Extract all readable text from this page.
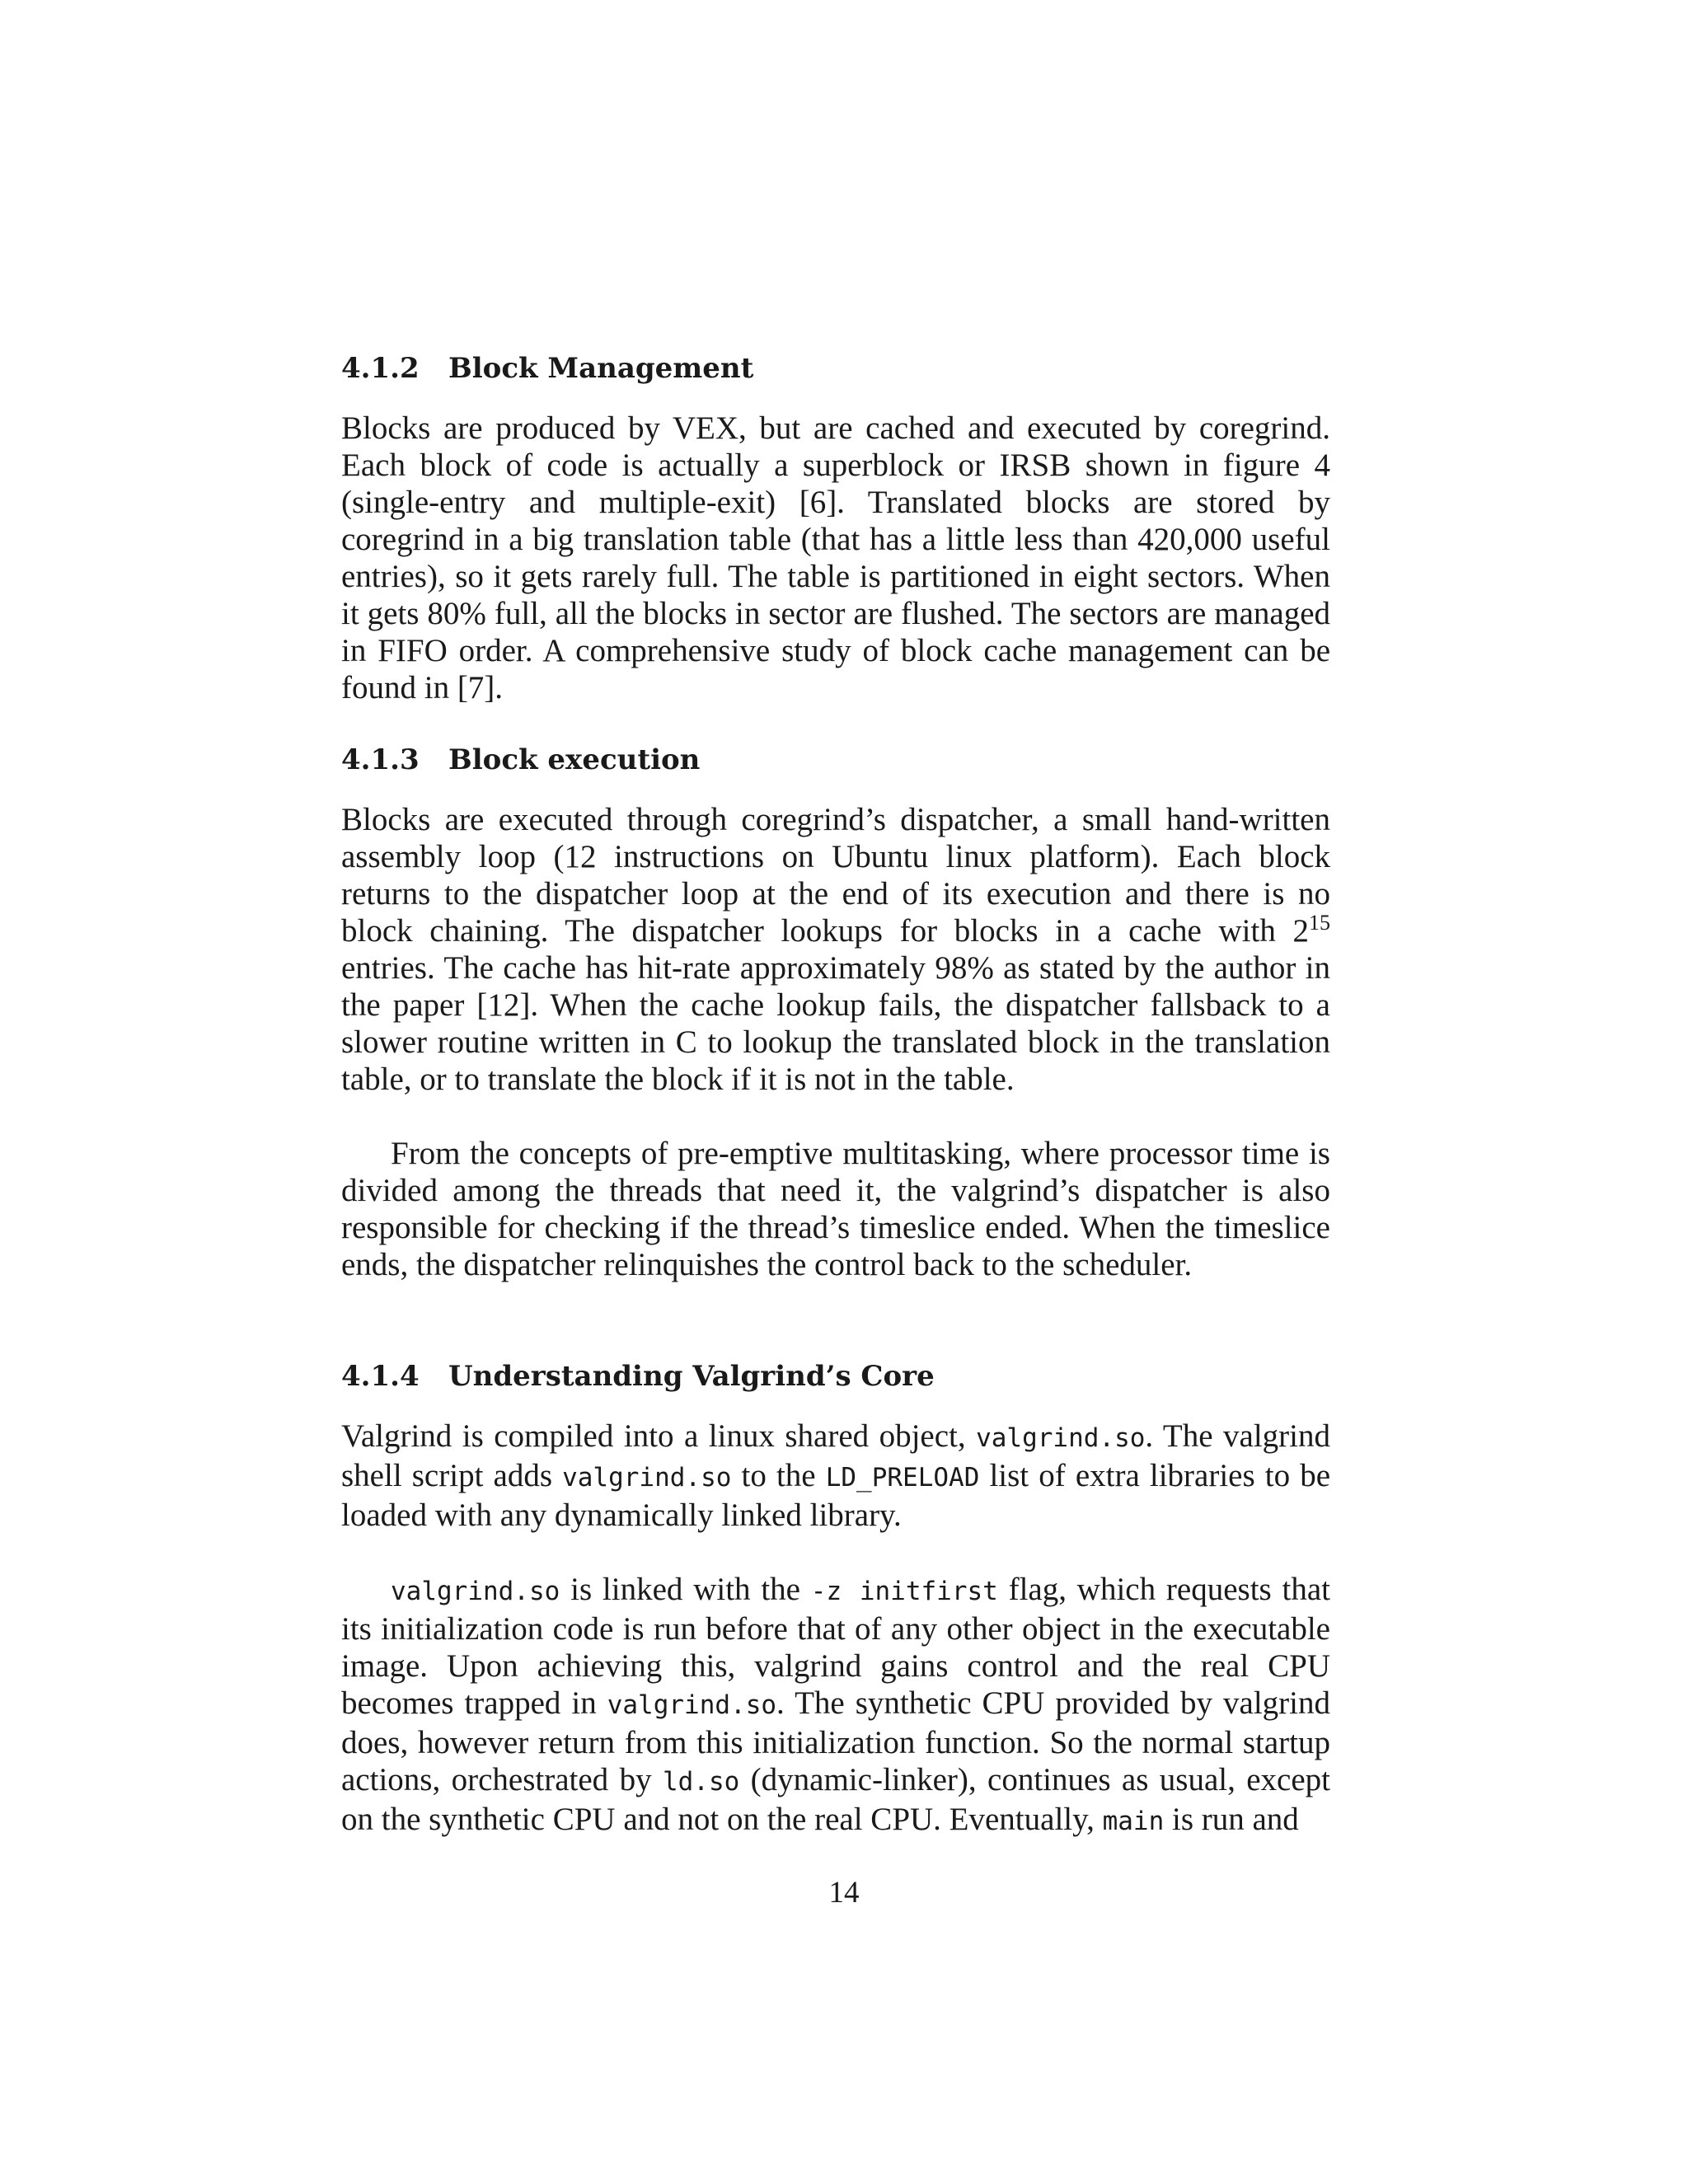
4.1.2 Block Management

Blocks are produced by VEX, but are cached and executed by coregrind. Each block of code is actually a superblock or IRSB shown in figure 4 (single-entry and multiple-exit) [6]. Translated blocks are stored by coregrind in a big translation table (that has a little less than 420,000 useful entries), so it gets rarely full. The table is partitioned in eight sectors. When it gets 80% full, all the blocks in sector are flushed. The sectors are managed in FIFO order. A comprehensive study of block cache management can be found in [7].

4.1.3 Block execution

Blocks are executed through coregrind’s dispatcher, a small hand-written assembly loop (12 instructions on Ubuntu linux platform). Each block returns to the dispatcher loop at the end of its execution and there is no block chaining. The dispatcher lookups for blocks in a cache with $2^{15}$ entries. The cache has hit-rate approximately 98% as stated by the author in the paper [12]. When the cache lookup fails, the dispatcher fallsback to a slower routine written in C to lookup the translated block in the translation table, or to translate the block if it is not in the table.

From the concepts of pre-emptive multitasking, where processor time is divided among the threads that need it, the valgrind’s dispatcher is also responsible for checking if the thread’s timeslice ended. When the timeslice ends, the dispatcher relinquishes the control back to the scheduler.

4.1.4 Understanding Valgrind’s Core

Valgrind is compiled into a linux shared object, valgrind.so. The valgrind shell script adds valgrind.so to the LD_PRELOAD list of extra libraries to be loaded with any dynamically linked library.

valgrind.so is linked with the -z initfirst flag, which requests that its initialization code is run before that of any other object in the executable image. Upon achieving this, valgrind gains control and the real CPU becomes trapped in valgrind.so. The synthetic CPU provided by valgrind does, however return from this initialization function. So the normal startup actions, orchestrated by ld.so (dynamic-linker), continues as usual, except on the synthetic CPU and not on the real CPU. Eventually, main is run and

14
